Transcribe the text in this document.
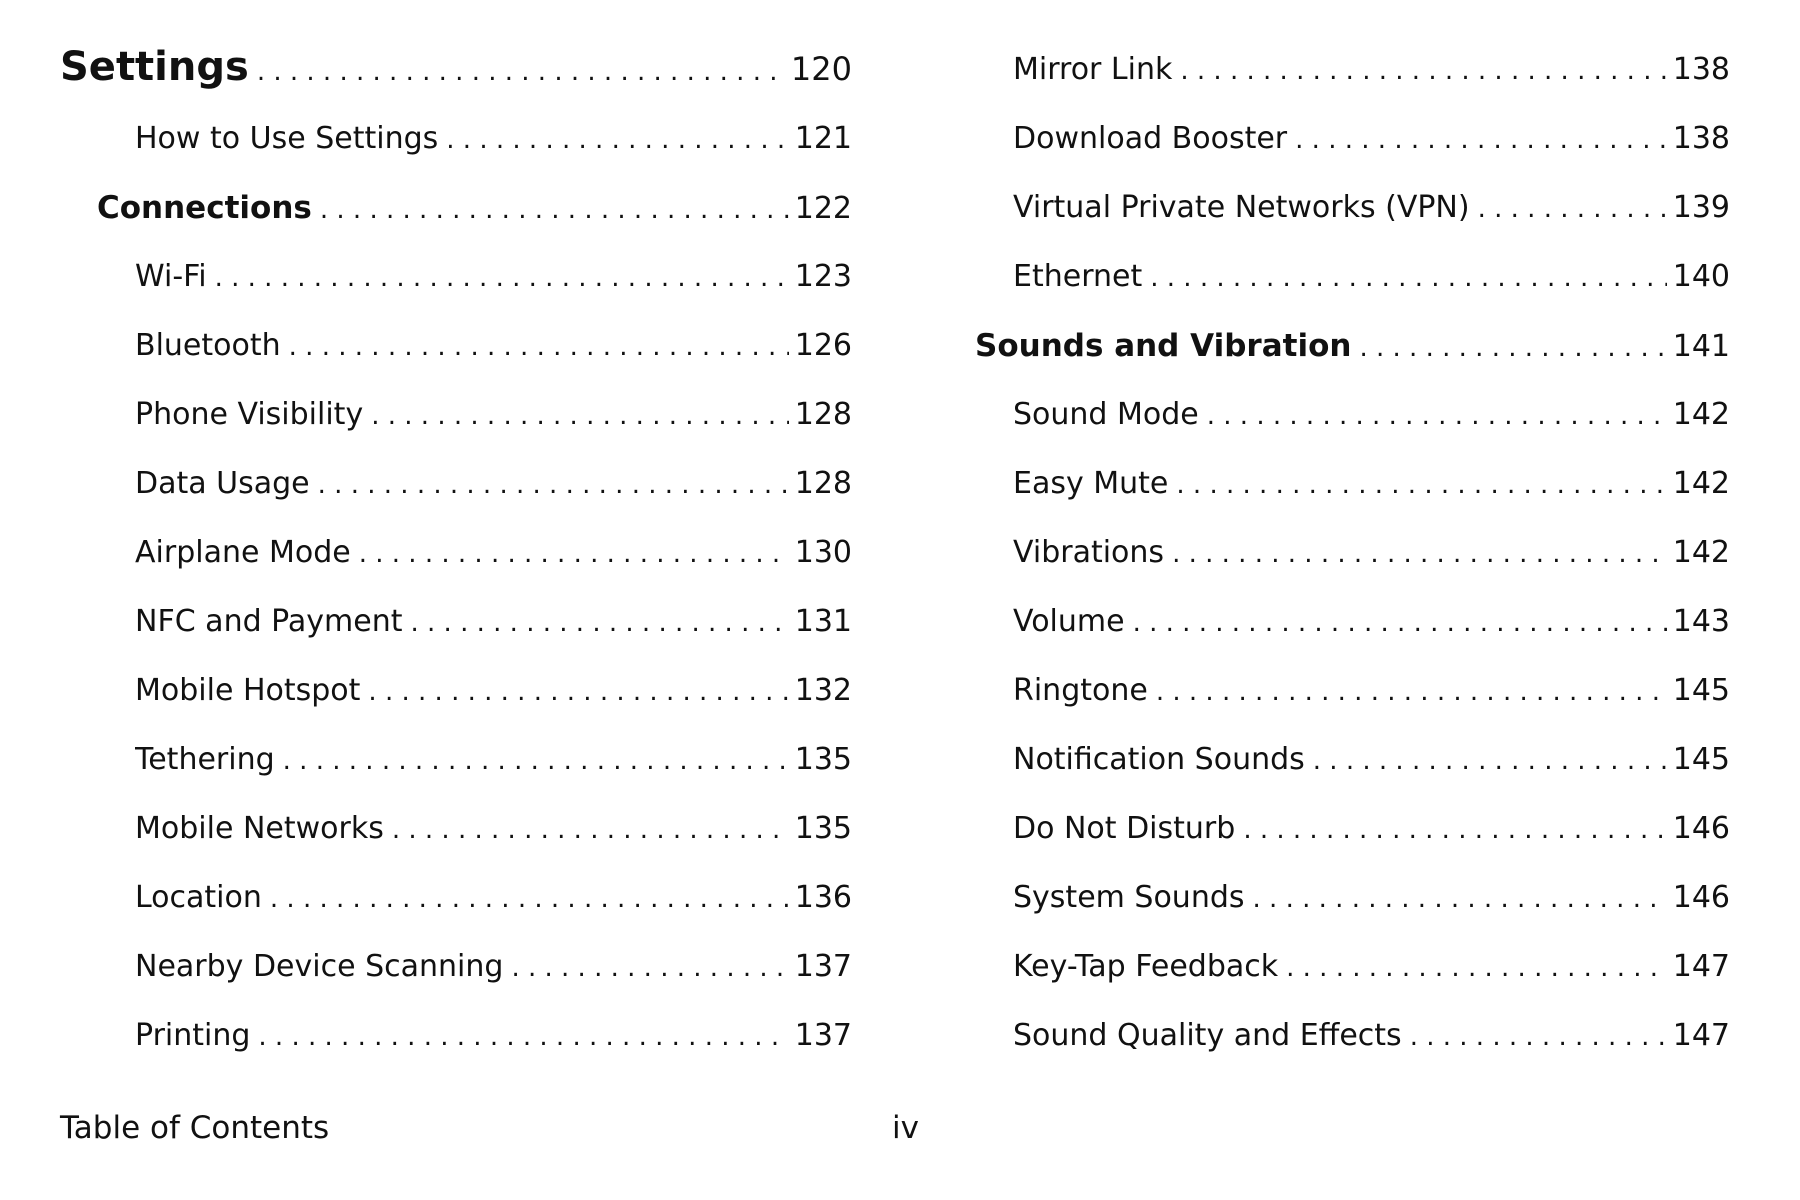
Settings . . .	120
How to Use Settings . . .	121
Connections . . .	122
Wi-Fi . . .	123
Bluetooth . . .	126
Phone Visibility . . .	128
Data Usage . . .	128
Airplane Mode . . .	130
NFC and Payment . . .	131
Mobile Hotspot . . .	132
Tethering . . .	135
Mobile Networks . . .	135
Location . . .	136
Nearby Device Scanning . . .	137
Printing . . .	137
Mirror Link . . .	138
Download Booster . . .	138
Virtual Private Networks (VPN) . . .	139
Ethernet . . .	140
Sounds and Vibration . . .	141
Sound Mode . . .	142
Easy Mute . . .	142
Vibrations . . .	142
Volume . . .	143
Ringtone . . .	145
Notification Sounds . . .	145
Do Not Disturb . . .	146
System Sounds . . .	146
Key-Tap Feedback . . .	147
Sound Quality and Effects . . .	147
Table of Contents	iv
